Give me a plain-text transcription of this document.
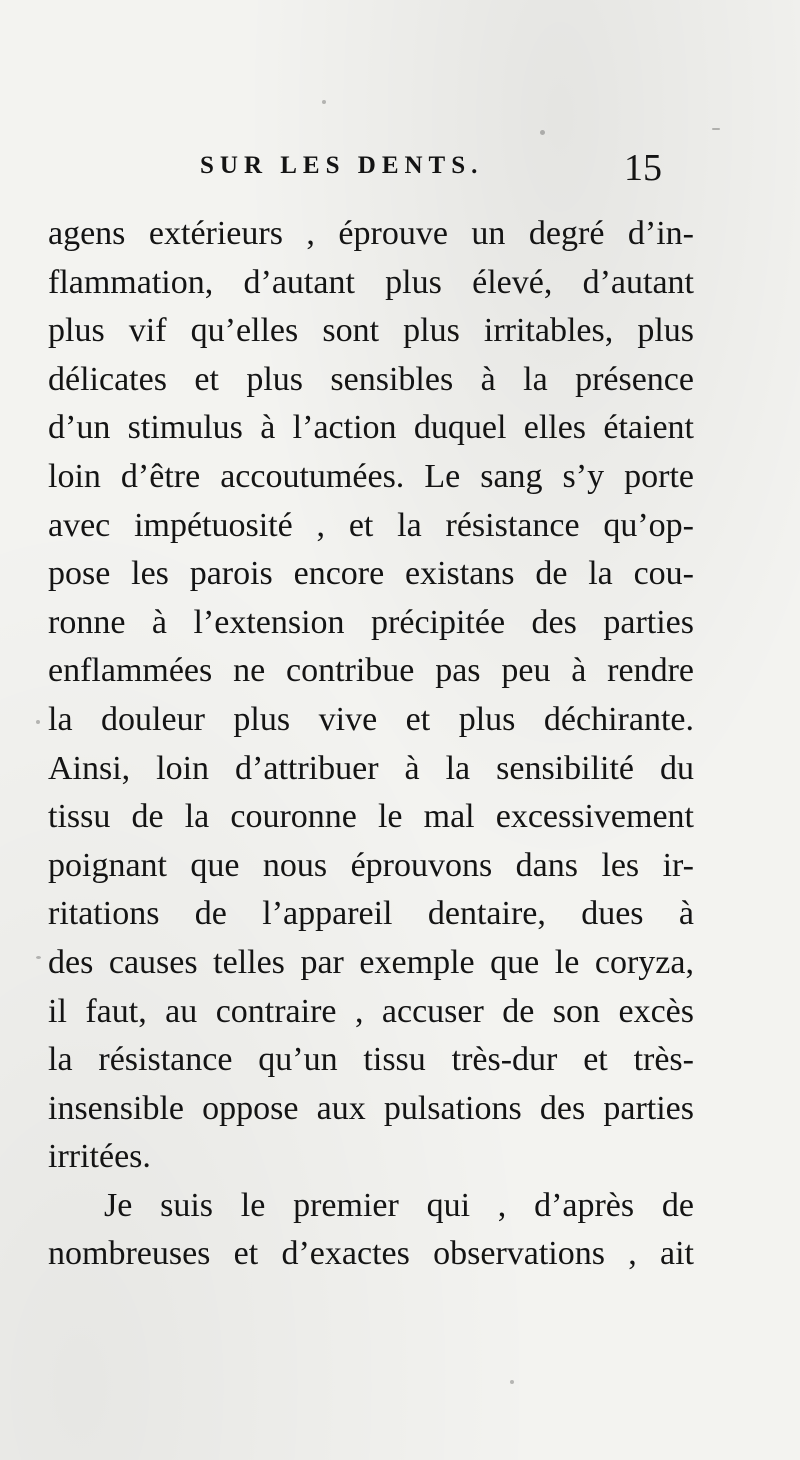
SUR LES DENTS.	15
agens extérieurs , éprouve un degré d’in-
flammation, d’autant plus élevé, d’autant
plus vif qu’elles sont plus irritables, plus
délicates et plus sensibles à la présence
d’un stimulus à l’action duquel elles étaient
loin d’être accoutumées. Le sang s’y porte
avec impétuosité , et la résistance qu’op-
pose les parois encore existans de la cou-
ronne à l’extension précipitée des parties
enflammées ne contribue pas peu à rendre
la douleur plus vive et plus déchirante.
Ainsi, loin d’attribuer à la sensibilité du
tissu de la couronne le mal excessivement
poignant que nous éprouvons dans les ir-
ritations de l’appareil dentaire, dues à
des causes telles par exemple que le coryza,
il faut, au contraire , accuser de son excès
la résistance qu’un tissu très-dur et très-
insensible oppose aux pulsations des parties
irritées.
Je suis le premier qui , d’après de
nombreuses et d’exactes observations , ait
